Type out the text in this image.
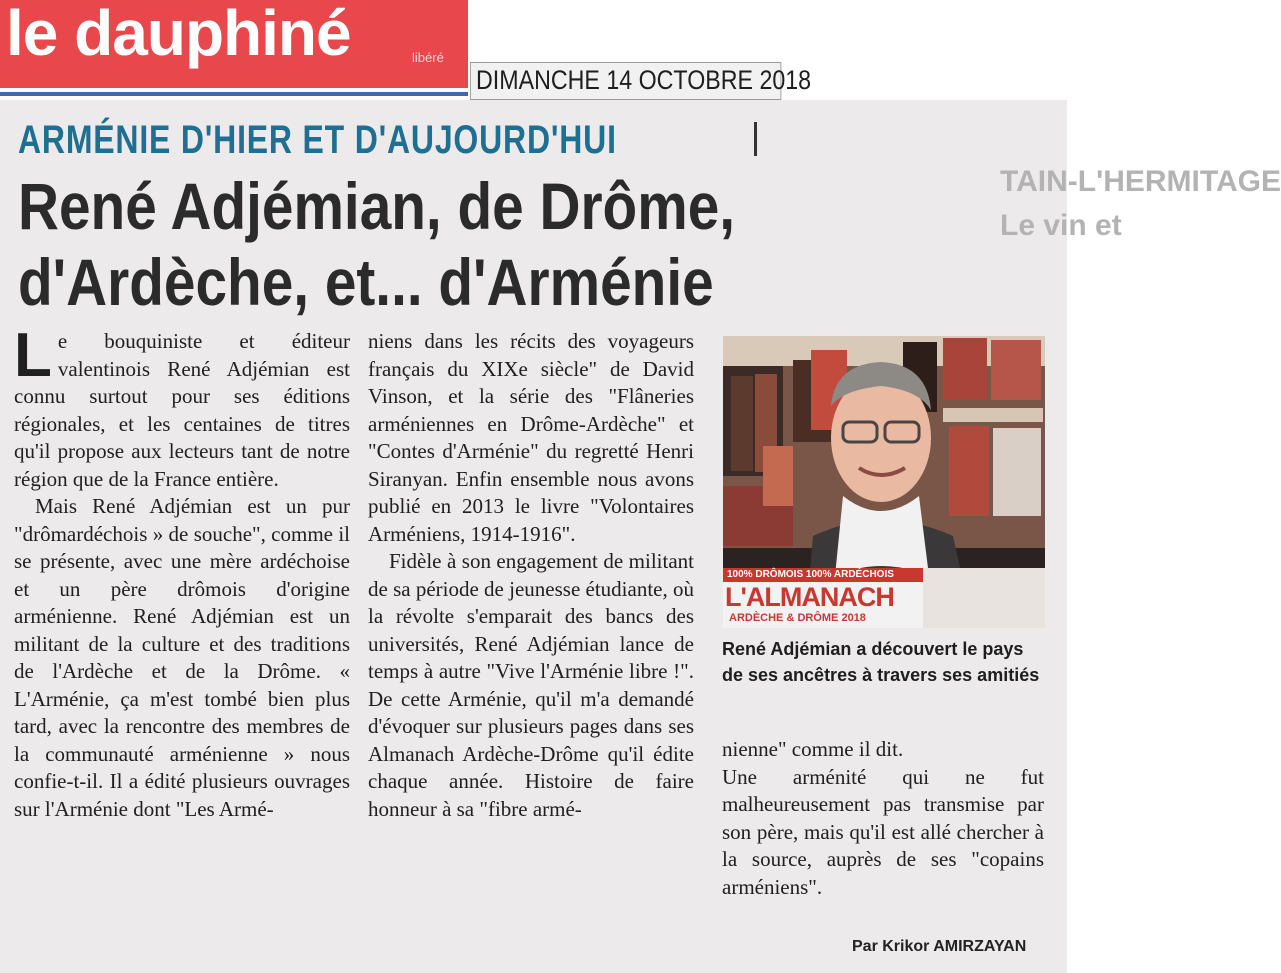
le dauphiné	libéré
DIMANCHE 14 OCTOBRE 2018
ARMÉNIE D'HIER ET D'AUJOURD'HUI
René Adjémian, de Drôme,
d'Ardèche, et... d'Arménie
TAIN-L'HERMITAGE
Le vin et

Le bouquiniste et éditeur valentinois René Adjémian est connu surtout pour ses éditions régionales, et les centaines de titres qu'il propose aux lecteurs tant de notre région que de la France entière.

Mais René Adjémian est un pur "drômardéchois » de souche", comme il se présente, avec une mère ardéchoise et un père drômois d'origine arménienne. René Adjémian est un militant de la culture et des traditions de l'Ardèche et de la Drôme. « L'Arménie, ça m'est tombé bien plus tard, avec la rencontre des membres de la communauté arménienne » nous confie-t-il. Il a édité plusieurs ouvrages sur l'Arménie dont "Les Armé-

niens dans les récits des voyageurs français du XIXe siècle" de David Vinson, et la série des "Flâneries arméniennes en Drôme-Ardèche" et "Contes d'Arménie" du regretté Henri Siranyan. Enfin ensemble nous avons publié en 2013 le livre "Volontaires Arméniens, 1914-1916".

Fidèle à son engagement de militant de sa période de jeunesse étudiante, où la révolte s'emparait des bancs des universités, René Adjémian lance de temps à autre "Vive l'Arménie libre !". De cette Arménie, qu'il m'a demandé d'évoquer sur plusieurs pages dans ses Almanach Ardèche-Drôme qu'il édite chaque année. Histoire de faire honneur à sa "fibre armé-

100% DRÔMOIS 100% ARDÉCHOIS
L'ALMANACH
ARDÈCHE & DRÔME 2018
René Adjémian a découvert le pays de ses ancêtres à travers ses amitiés

nienne" comme il dit.

Une arménité qui ne fut malheureusement pas transmise par son père, mais qu'il est allé chercher à la source, auprès de ses "copains arméniens".

Par Krikor AMIRZAYAN
